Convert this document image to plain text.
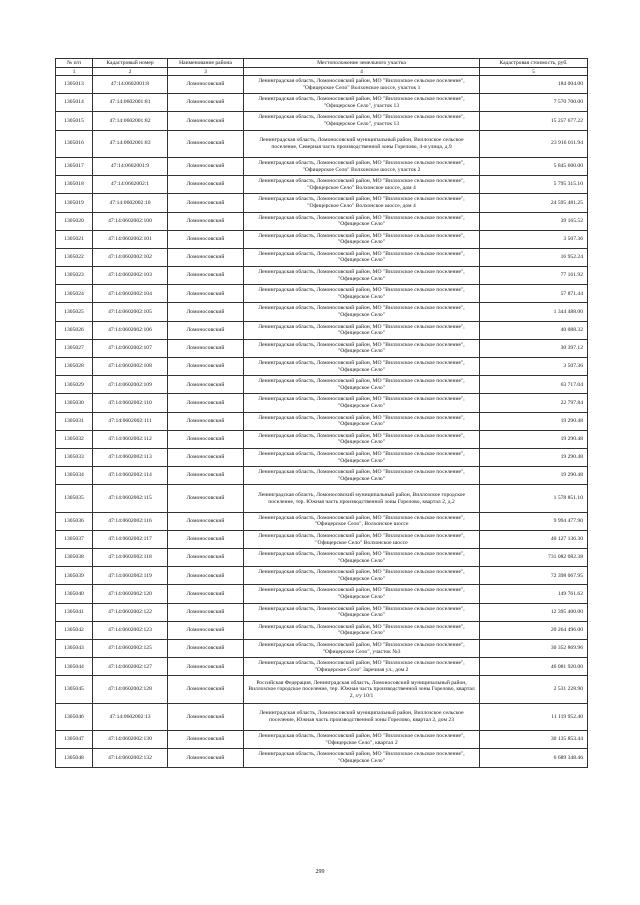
№ п/п	Кадастровый номер	Наименование района	Местоположение земельного участка	Кадастровая стоимость, руб.
1	2	3	4	5
1305013	47:14:0602001:8	Ломоносовский	Ленинградская область, Ломоносовский район, МО "Виллозское сельское поселение", "Офицерское Село" Волхонское шоссе, участок 1	184 004.00
1305014	47:14:0602001:81	Ломоносовский	Ленинградская область, Ломоносовский район, МО "Виллозское сельское поселение", "Офицерское Село", участок 13	7 570 700.00
1305015	47:14:0602001:82	Ломоносовский	Ленинградская область, Ломоносовский район, МО "Виллозское сельское поселение", "Офицерское Село", участок 13	15 257 677.22
1305016	47:14:0602001:83	Ломоносовский	Ленинградская область, Ломоносовский муниципальный район, Виллозское сельское поселение, Северная часть производственной зоны Горелово, 4-я улица, д.9	23 916 011.94
1305017	47:14:0602001:9	Ломоносовский	Ленинградская область, Ломоносовский район, МО "Виллозское сельское поселение", "Офицерское Село" Волхонское шоссе, участок 2	5 845 600.00
1305018	47:14:0602002:1	Ломоносовский	Ленинградская область, Ломоносовский район, МО "Виллозское сельское поселение", "Офицерское Село" Волхонское шоссе, дом 4	5 795 315.10
1305019	47:14:0602002:10	Ломоносовский	Ленинградская область, Ломоносовский район, МО "Виллозское сельское поселение", "Офицерское Село" Волхонское шоссе, дом 4	24 595 481.25
1305020	47:14:0602002:100	Ломоносовский	Ленинградская область, Ломоносовский район, МО "Виллозское сельское поселение", "Офицерское Село"	39 165.52
1305021	47:14:0602002:101	Ломоносовский	Ленинградская область, Ломоносовский район, МО "Виллозское сельское поселение", "Офицерское Село"	3 507.36
1305022	47:14:0602002:102	Ломоносовский	Ленинградская область, Ломоносовский район, МО "Виллозское сельское поселение", "Офицерское Село"	16 952.24
1305023	47:14:0602002:103	Ломоносовский	Ленинградская область, Ломоносовский район, МО "Виллозское сельское поселение", "Офицерское Село"	77 161.92
1305024	47:14:0602002:104	Ломоносовский	Ленинградская область, Ломоносовский район, МО "Виллозское сельское поселение", "Офицерское Село"	57 871.44
1305025	47:14:0602002:105	Ломоносовский	Ленинградская область, Ломоносовский район, МО "Виллозское сельское поселение", "Офицерское Село"	1 344 488.00
1305026	47:14:0602002:106	Ломоносовский	Ленинградская область, Ломоносовский район, МО "Виллозское сельское поселение", "Офицерское Село"	40 088.32
1305027	47:14:0602002:107	Ломоносовский	Ленинградская область, Ломоносовский район, МО "Виллозское сельское поселение", "Офицерское Село"	30 397.12
1305028	47:14:0602002:108	Ломоносовский	Ленинградская область, Ломоносовский район, МО "Виллозское сельское поселение", "Офицерское Село"	3 507.36
1305029	47:14:0602002:109	Ломоносовский	Ленинградская область, Ломоносовский район, МО "Виллозское сельское поселение", "Офицерское Село"	63 717.04
1305030	47:14:0602002:110	Ломоносовский	Ленинградская область, Ломоносовский район, МО "Виллозское сельское поселение", "Офицерское Село"	22 797.84
1305031	47:14:0602002:111	Ломоносовский	Ленинградская область, Ломоносовский район, МО "Виллозское сельское поселение", "Офицерское Село"	19 290.48
1305032	47:14:0602002:112	Ломоносовский	Ленинградская область, Ломоносовский район, МО "Виллозское сельское поселение", "Офицерское Село"	19 290.48
1305033	47:14:0602002:113	Ломоносовский	Ленинградская область, Ломоносовский район, МО "Виллозское сельское поселение", "Офицерское Село"	19 290.48
1305034	47:14:0602002:114	Ломоносовский	Ленинградская область, Ломоносовский район, МО "Виллозское сельское поселение", "Офицерское Село"	19 290.48
1305035	47:14:0602002:115	Ломоносовский	Ленинградская область, Ломоносовский муниципальный район, Виллозское городское поселение, тер. Южная часть производственной зоны Горелово, квартал 2, д.2	1 578 851.10
1305036	47:14:0602002:116	Ломоносовский	Ленинградская область, Ломоносовский район, МО "Виллозское сельское поселение", "Офицерское Село", Волхонское шоссе	9 994 477.90
1305037	47:14:0602002:117	Ломоносовский	Ленинградская область, Ломоносовский район, МО "Виллозское сельское поселение", "Офицерское Село" Волхонское шоссе	40 127 136.30
1305038	47:14:0602002:118	Ломоносовский	Ленинградская область, Ломоносовский район, МО "Виллозское сельское поселение", "Офицерское Село"	731 082 082.38
1305039	47:14:0602002:119	Ломоносовский	Ленинградская область, Ломоносовский район, МО "Виллозское сельское поселение", "Офицерское Село"	72 398 067.95
1305040	47:14:0602002:120	Ломоносовский	Ленинградская область, Ломоносовский район, МО "Виллозское сельское поселение", "Офицерское Село"	149 761.62
1305041	47:14:0602002:122	Ломоносовский	Ленинградская область, Ломоносовский район, МО "Виллозское сельское поселение", "Офицерское Село"	12 395 400.00
1305042	47:14:0602002:123	Ломоносовский	Ленинградская область, Ломоносовский район, МО "Виллозское сельское поселение", "Офицерское Село"	20 264 496.00
1305043	47:14:0602002:125	Ломоносовский	Ленинградская область, Ломоносовский район, МО "Виллозское сельское поселение", "Офицерское Село", участок №3	30 352 869.96
1305044	47:14:0602002:127	Ломоносовский	Ленинградская область, Ломоносовский район, МО "Виллозское сельское поселение", "Офицерское Село" Заречная ул., дом 2	46 081 920.00
1305045	47:14:0602002:128	Ломоносовский	Российская Федерация, Ленинградская область, Ломоносовский муниципальный район, Виллозское городское поселение, тер. Южная часть производственной зоны Горелово, квартал 2, з/у 10/1	2 531 228.90
1305046	47:14:0602002:13	Ломоносовский	Ленинградская область, Ломоносовский муниципальный район, Виллозское сельское поселение, Южная часть производственной зоны Горелово, квартал 2, дом 23	11 119 952.40
1305047	47:14:0602002:130	Ломоносовский	Ленинградская область, Ломоносовский район, МО "Виллозское сельское поселение", "Офицерское Село", квартал 2	30 135 853.44
1305048	47:14:0602002:132	Ломоносовский	Ленинградская область, Ломоносовский район, МО "Виллозское сельское поселение", "Офицерское Село"	6 689 348.46
299
